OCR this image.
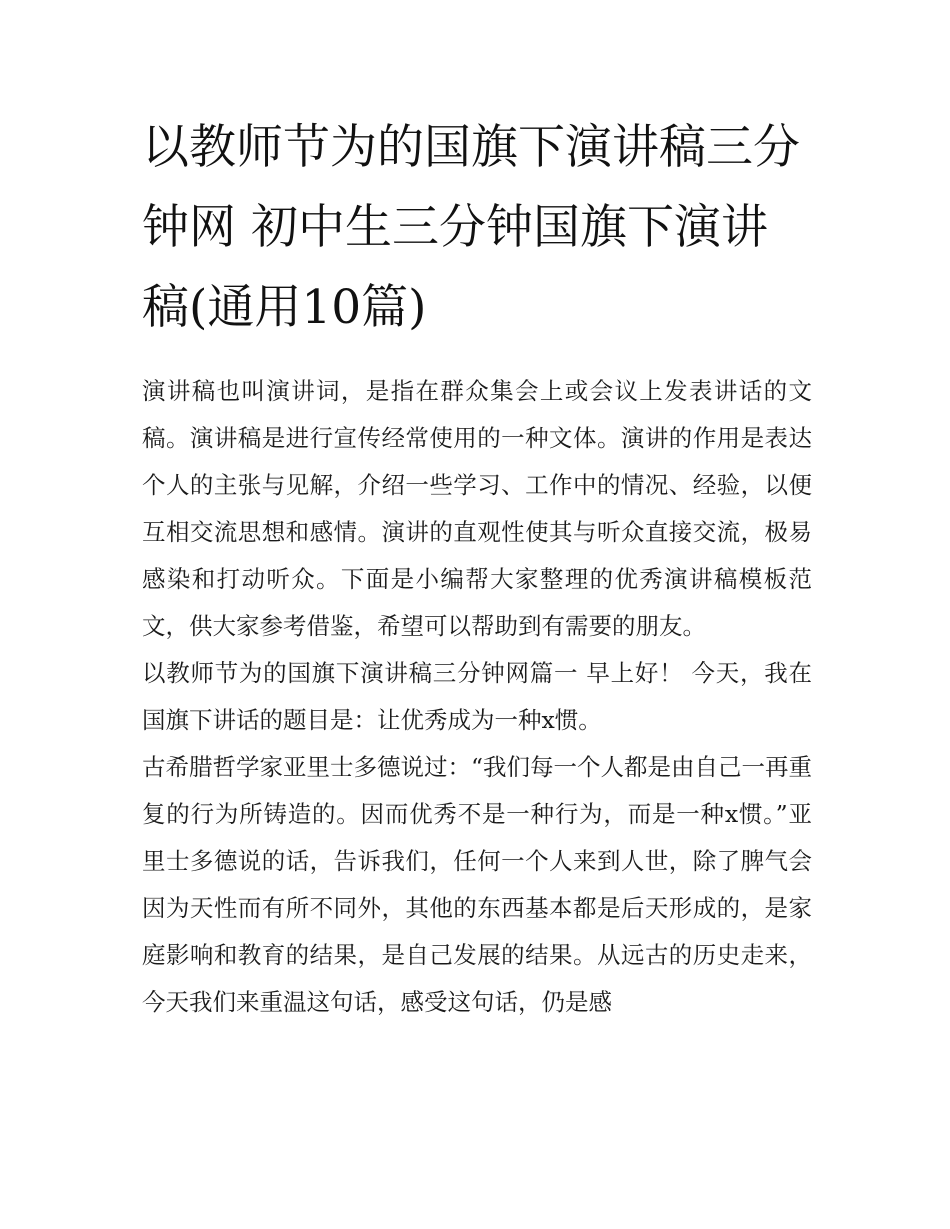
以教师节为的国旗下演讲稿三分钟网 初中生三分钟国旗下演讲稿(通用10篇)

演讲稿也叫演讲词，是指在群众集会上或会议上发表讲话的文稿。演讲稿是进行宣传经常使用的一种文体。演讲的作用是表达个人的主张与见解，介绍一些学习、工作中的情况、经验，以便互相交流思想和感情。演讲的直观性使其与听众直接交流，极易感染和打动听众。下面是小编帮大家整理的优秀演讲稿模板范文，供大家参考借鉴，希望可以帮助到有需要的朋友。

以教师节为的国旗下演讲稿三分钟网篇一 早上好！ 今天，我在国旗下讲话的题目是：让优秀成为一种x惯。

古希腊哲学家亚里士多德说过：“我们每一个人都是由自己一再重复的行为所铸造的。因而优秀不是一种行为，而是一种x惯。”亚里士多德说的话，告诉我们，任何一个人来到人世，除了脾气会因为天性而有所不同外，其他的东西基本都是后天形成的，是家庭影响和教育的结果，是自己发展的结果。从远古的历史走来，今天我们来重温这句话，感受这句话，仍是感
